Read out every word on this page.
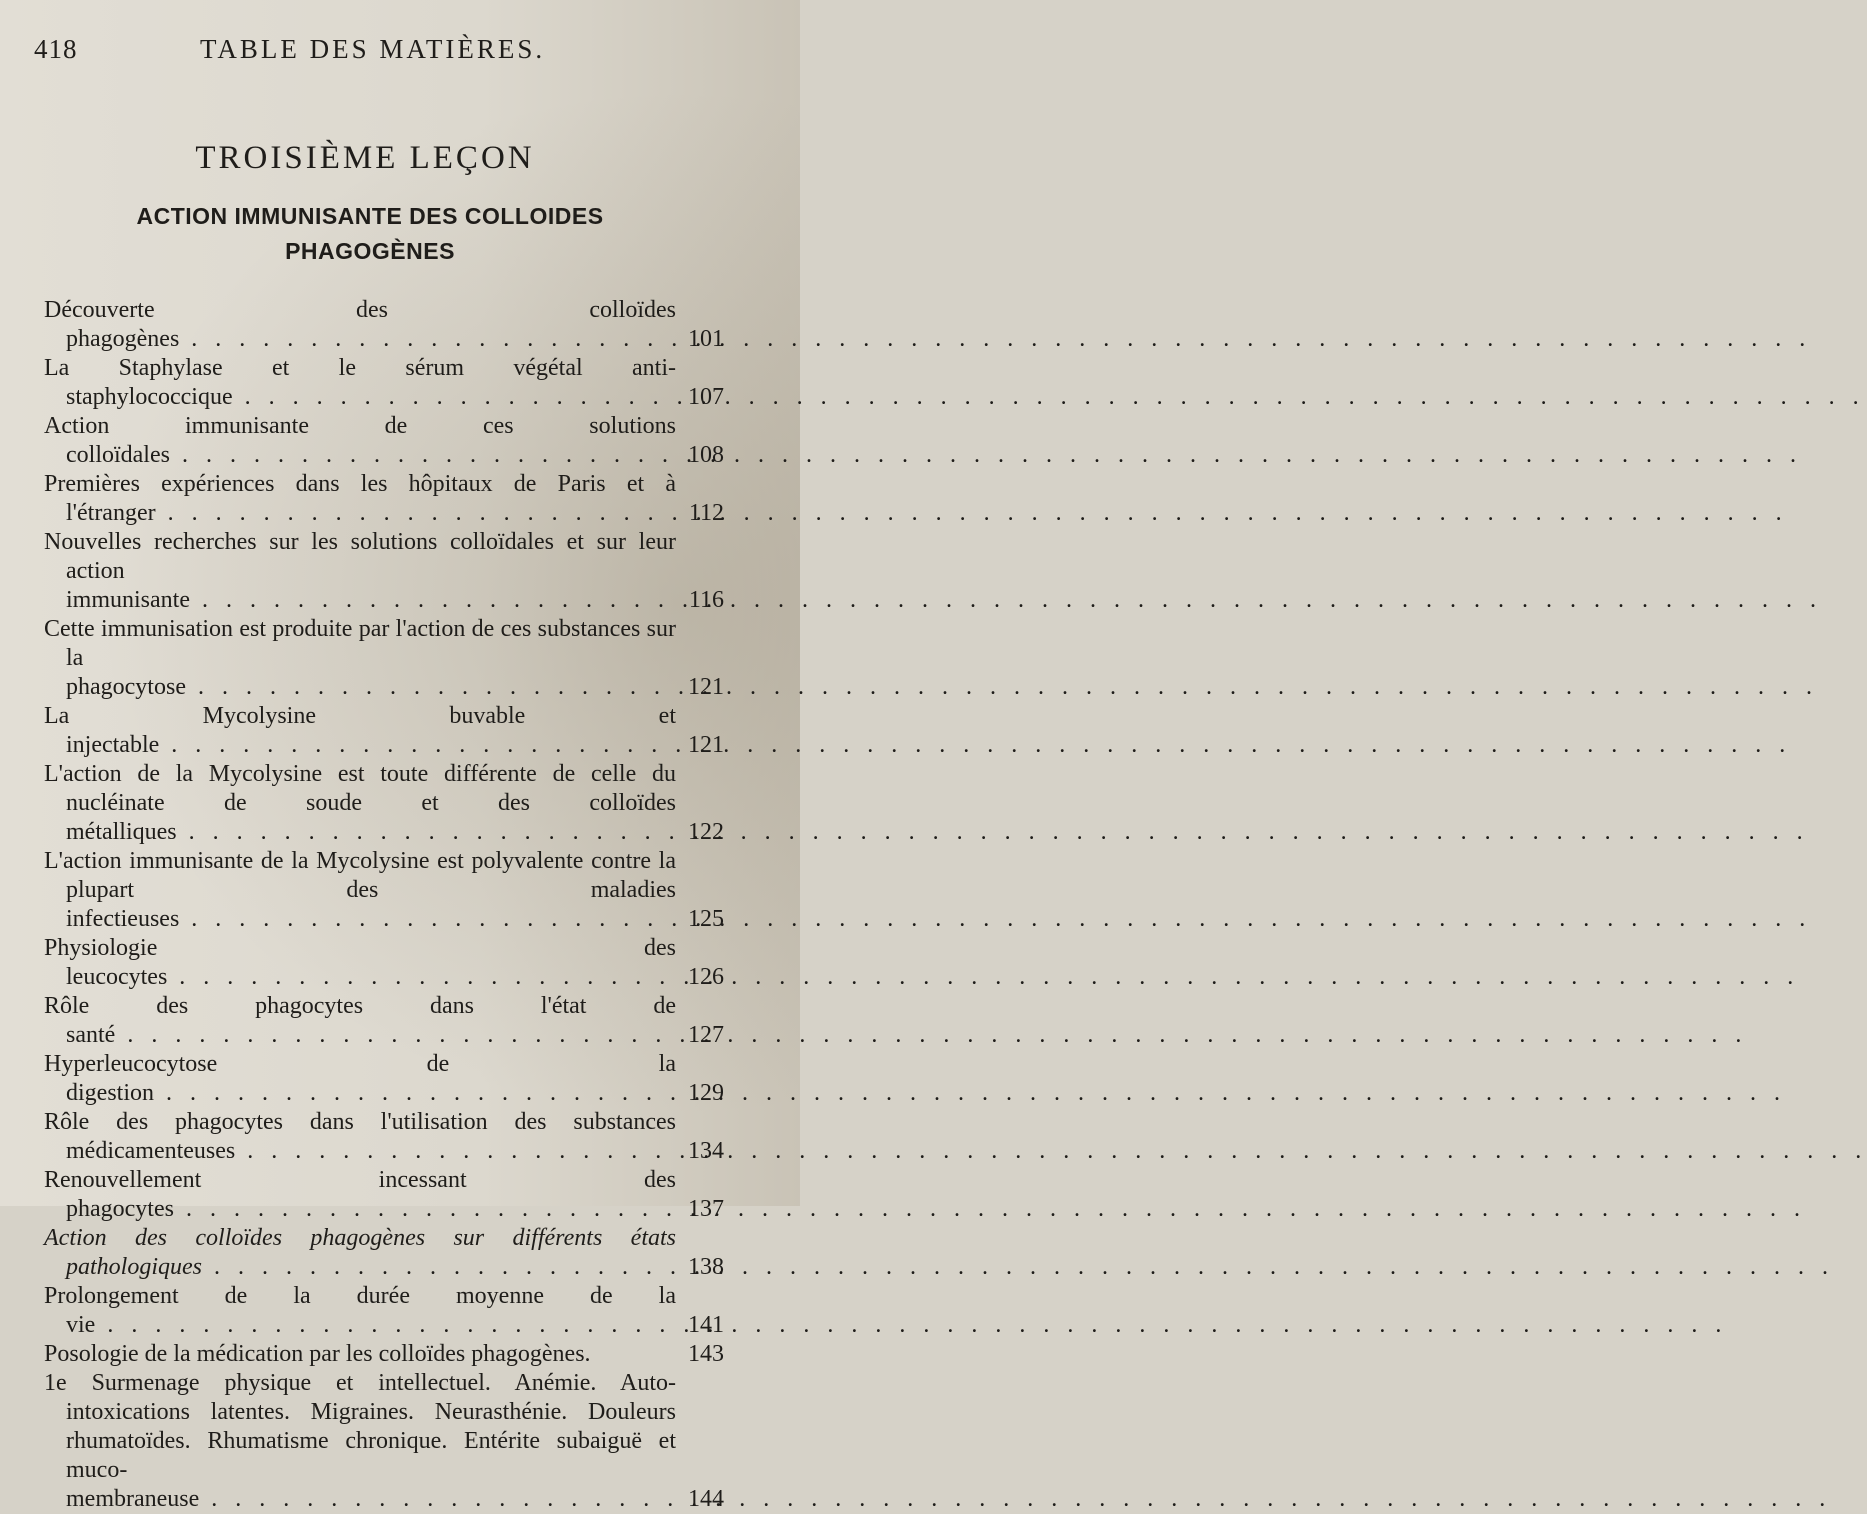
418	TABLE DES MATIÈRES.
TROISIÈME LEÇON
ACTION IMMUNISANTE DES COLLOIDES
PHAGOGÈNES
Découverte des colloïdes phagogènes . . .	101
La Staphylase et le sérum végétal anti-staphylococcique . . .	107
Action immunisante de ces solutions colloïdales . . .	108
Premières expériences dans les hôpitaux de Paris et à l'étranger . . .	112
Nouvelles recherches sur les solutions colloïdales et sur leur action immunisante . . .	116
Cette immunisation est produite par l'action de ces substances sur la phagocytose . . .	121
La Mycolysine buvable et injectable . . .	121
L'action de la Mycolysine est toute différente de celle du nucléinate de soude et des colloïdes métalliques . . .	122
L'action immunisante de la Mycolysine est polyvalente contre la plupart des maladies infectieuses . . .	125
Physiologie des leucocytes . . .	126
Rôle des phagocytes dans l'état de santé . . .	127
Hyperleucocytose de la digestion . . .	129
Rôle des phagocytes dans l'utilisation des substances médicamenteuses . . .	134
Renouvellement incessant des phagocytes . . .	137
Action des colloïdes phagogènes sur différents états pathologiques . . .	138
Prolongement de la durée moyenne de la vie . . .	141
Posologie de la médication par les colloïdes phagogènes.	143
1e Surmenage physique et intellectuel. Anémie. Auto-intoxications latentes. Migraines. Neurasthénie. Douleurs rhumatoïdes. Rhumatisme chronique. Entérite subaiguë et muco-membraneuse . . .	144
